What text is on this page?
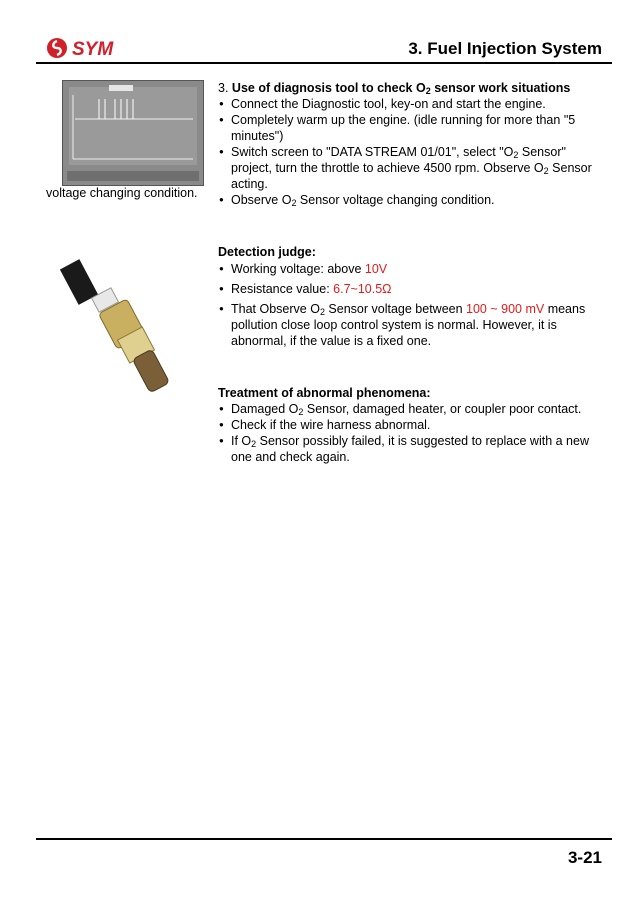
SYM	3. Fuel Injection System
voltage changing condition.

3. Use of diagnosis tool to check $O_2$ sensor work situations

● Connect the Diagnostic tool, key-on and start the engine.
● Completely warm up the engine. (idle running for more than "5 minutes")
● Switch screen to "DATA STREAM 01/01", select "$O_2$ Sensor" project, turn the throttle to achieve 4500 rpm. Observe $O_2$ Sensor acting.
● Observe $O_2$ Sensor voltage changing condition.

Detection judge:

● Working voltage: above 10V
● Resistance value: 6.7~10.5Ω
● That Observe $O_2$ Sensor voltage between 100 ~ 900 mV means pollution close loop control system is normal. However, it is abnormal, if the value is a fixed one.

Treatment of abnormal phenomena:

● Damaged $O_2$ Sensor, damaged heater, or coupler poor contact.
● Check if the wire harness abnormal.
● If $O_2$ Sensor possibly failed, it is suggested to replace with a new one and check again.
3-21
